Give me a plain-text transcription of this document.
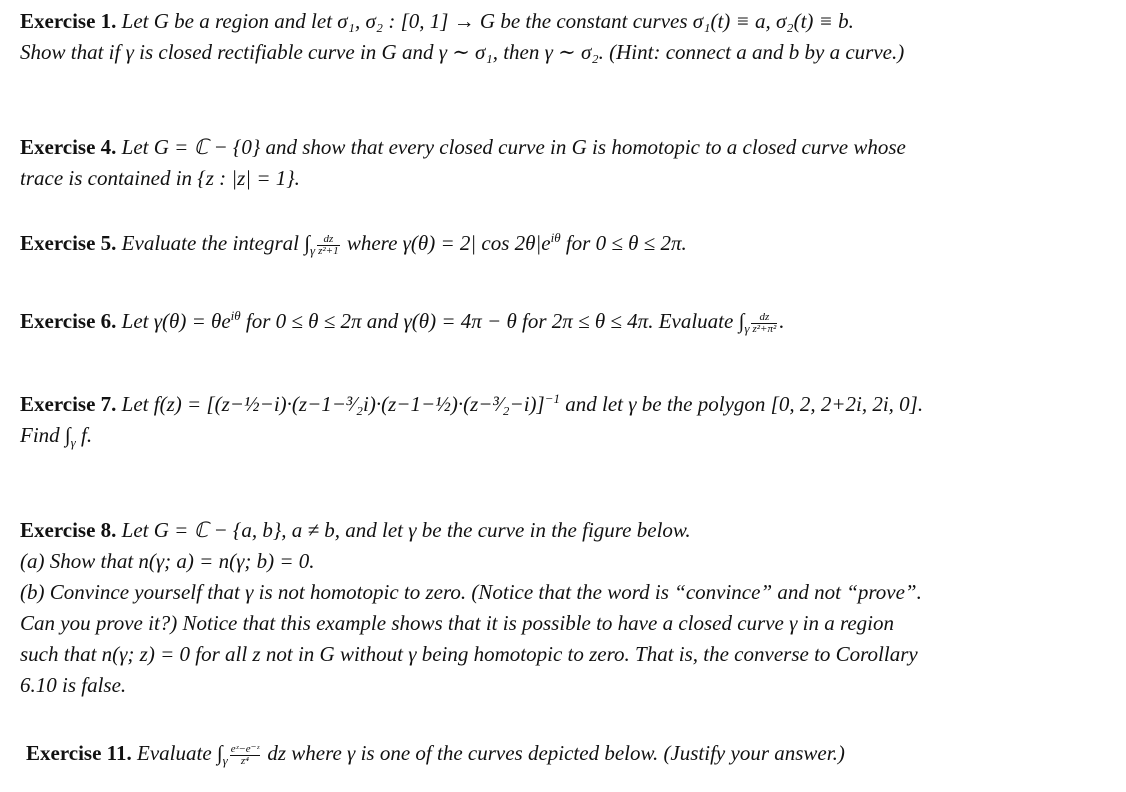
Exercise 1. Let G be a region and let σ₁, σ₂ : [0, 1] → G be the constant curves σ₁(t) ≡ a, σ₂(t) ≡ b.
Show that if γ is closed rectifiable curve in G and γ ∼ σ₁, then γ ∼ σ₂. (Hint: connect a and b by a curve.)
Exercise 4. Let G = ℂ − {0} and show that every closed curve in G is homotopic to a closed curve whose
trace is contained in {z : |z| = 1}.
Exercise 5. Evaluate the integral $\int_\gamma \frac{dz}{\text{z²+1}}$ where γ(θ) = 2| $\cos 2\theta|e^{i\theta}$ for 0 ≤ θ ≤ 2π.
Exercise 6. Let $\gamma(\theta) = \theta e^{i\theta}$ for 0 ≤ θ ≤ 2π and γ(θ) = 4π − θ for 2π ≤ θ ≤ 4π. Evaluate $\int_\gamma \frac{dz}{\text{z²+π²}}$ .
Exercise 7. Let f(z) = [(z−½−i)·(z−1−³⁄₂i)·(z−1−½)·(z−³⁄₂−i)]$^{-1}$ and let γ be the polygon [0, 2, 2+2i, 2i, 0].
Find $\int_\gamma$ f.
Exercise 8. Let G = ℂ − {a, b}, a ≠ b, and let γ be the curve in the figure below.
(a) Show that n(γ; a) = n(γ; b) = 0.
(b) Convince yourself that γ is not homotopic to zero. (Notice that the word is “convince” and not “prove”.
Can you prove it?) Notice that this example shows that it is possible to have a closed curve γ in a region
such that n(γ; z) = 0 for all z not in G without γ being homotopic to zero. That is, the converse to Corollary
6.10 is false.
Exercise 11. Evaluate $\int_\gamma \frac{\text{eᶻ−e⁻ᶻ}}{\text{z⁴}}$ dz where γ is one of the curves depicted below. (Justify your answer.)
